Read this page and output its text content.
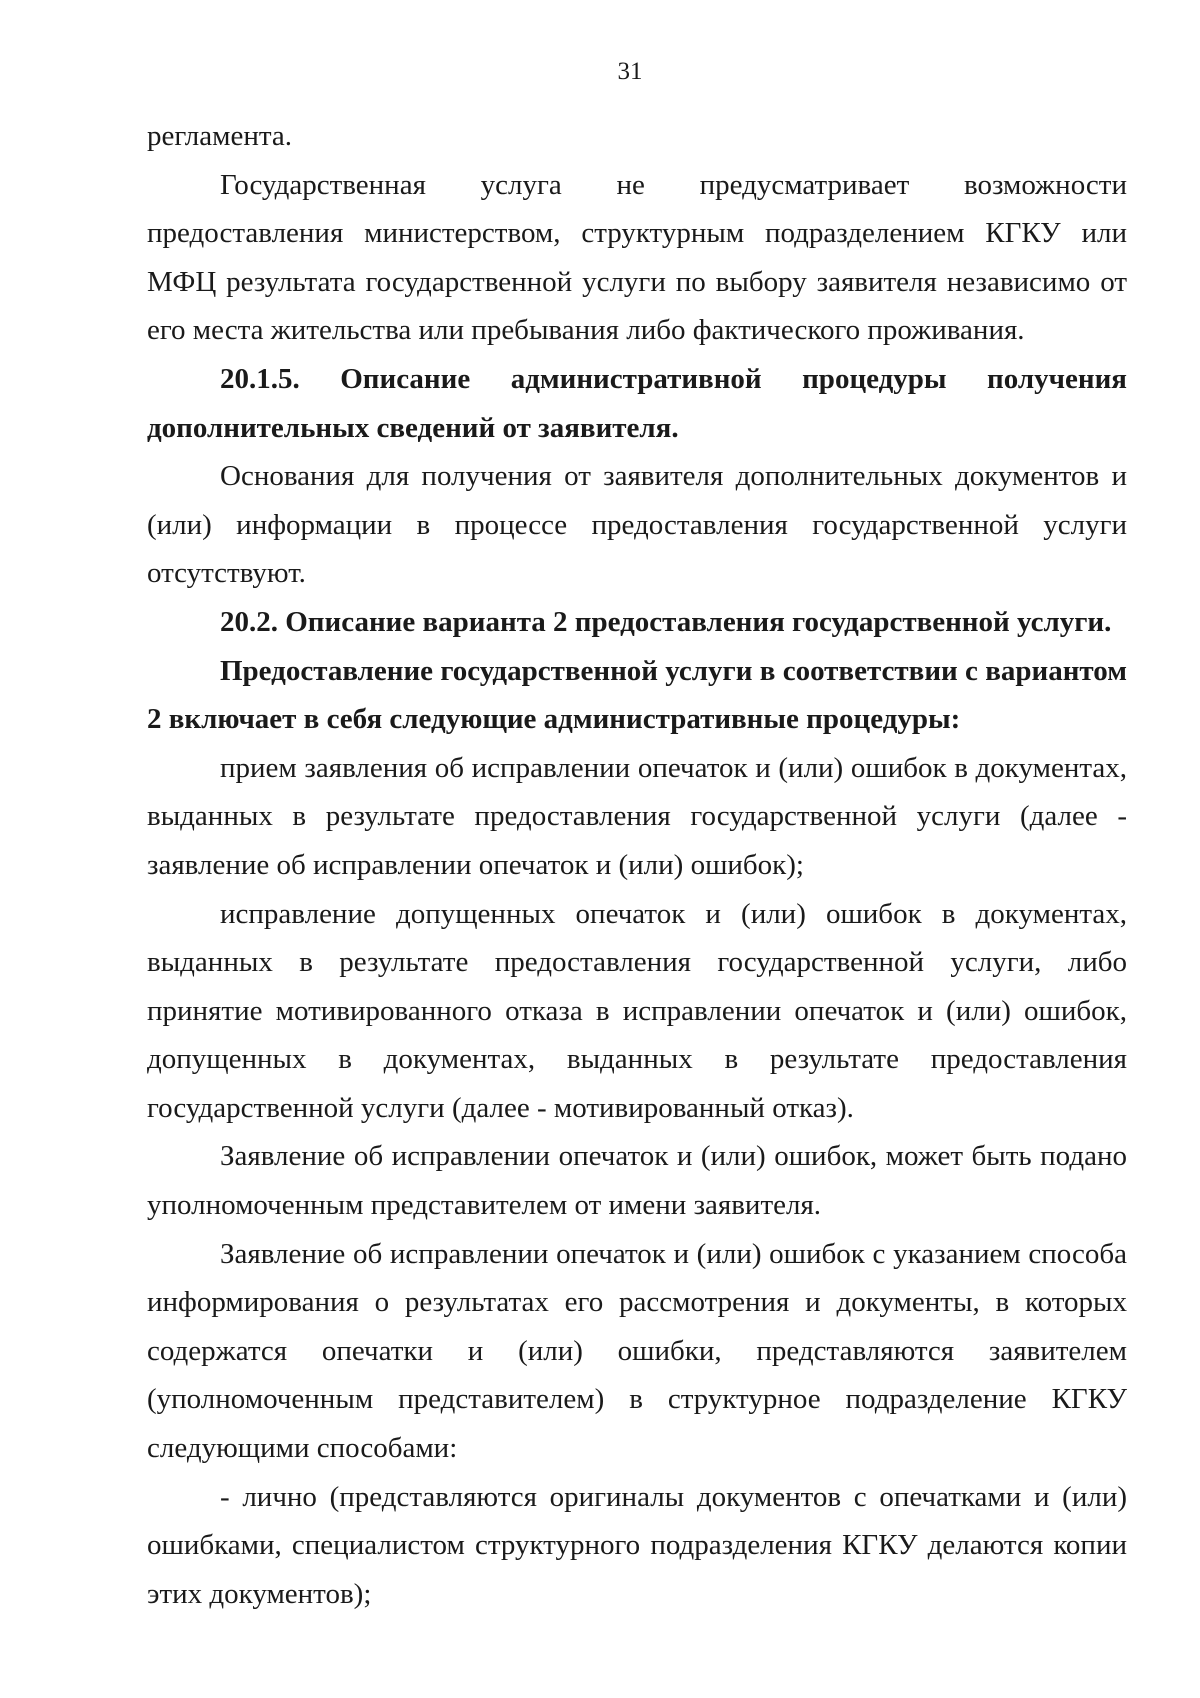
31

регламента.

Государственная услуга не предусматривает возможности предоставления министерством, структурным подразделением КГКУ или МФЦ результата государственной услуги по выбору заявителя независимо от его места жительства или пребывания либо фактического проживания.

20.1.5. Описание административной процедуры получения дополнительных сведений от заявителя.

Основания для получения от заявителя дополнительных документов и (или) информации в процессе предоставления государственной услуги отсутствуют.

20.2. Описание варианта 2 предоставления государственной услуги.

Предоставление государственной услуги в соответствии с вариантом 2 включает в себя следующие административные процедуры:

прием заявления об исправлении опечаток и (или) ошибок в документах, выданных в результате предоставления государственной услуги (далее - заявление об исправлении опечаток и (или) ошибок);

исправление допущенных опечаток и (или) ошибок в документах, выданных в результате предоставления государственной услуги, либо принятие мотивированного отказа в исправлении опечаток и (или) ошибок, допущенных в документах, выданных в результате предоставления государственной услуги (далее - мотивированный отказ).

Заявление об исправлении опечаток и (или) ошибок, может быть подано уполномоченным представителем от имени заявителя.

Заявление об исправлении опечаток и (или) ошибок с указанием способа информирования о результатах его рассмотрения и документы, в которых содержатся опечатки и (или) ошибки, представляются заявителем (уполномоченным представителем) в структурное подразделение КГКУ следующими способами:

- лично (представляются оригиналы документов с опечатками и (или) ошибками, специалистом структурного подразделения КГКУ делаются копии этих документов);
